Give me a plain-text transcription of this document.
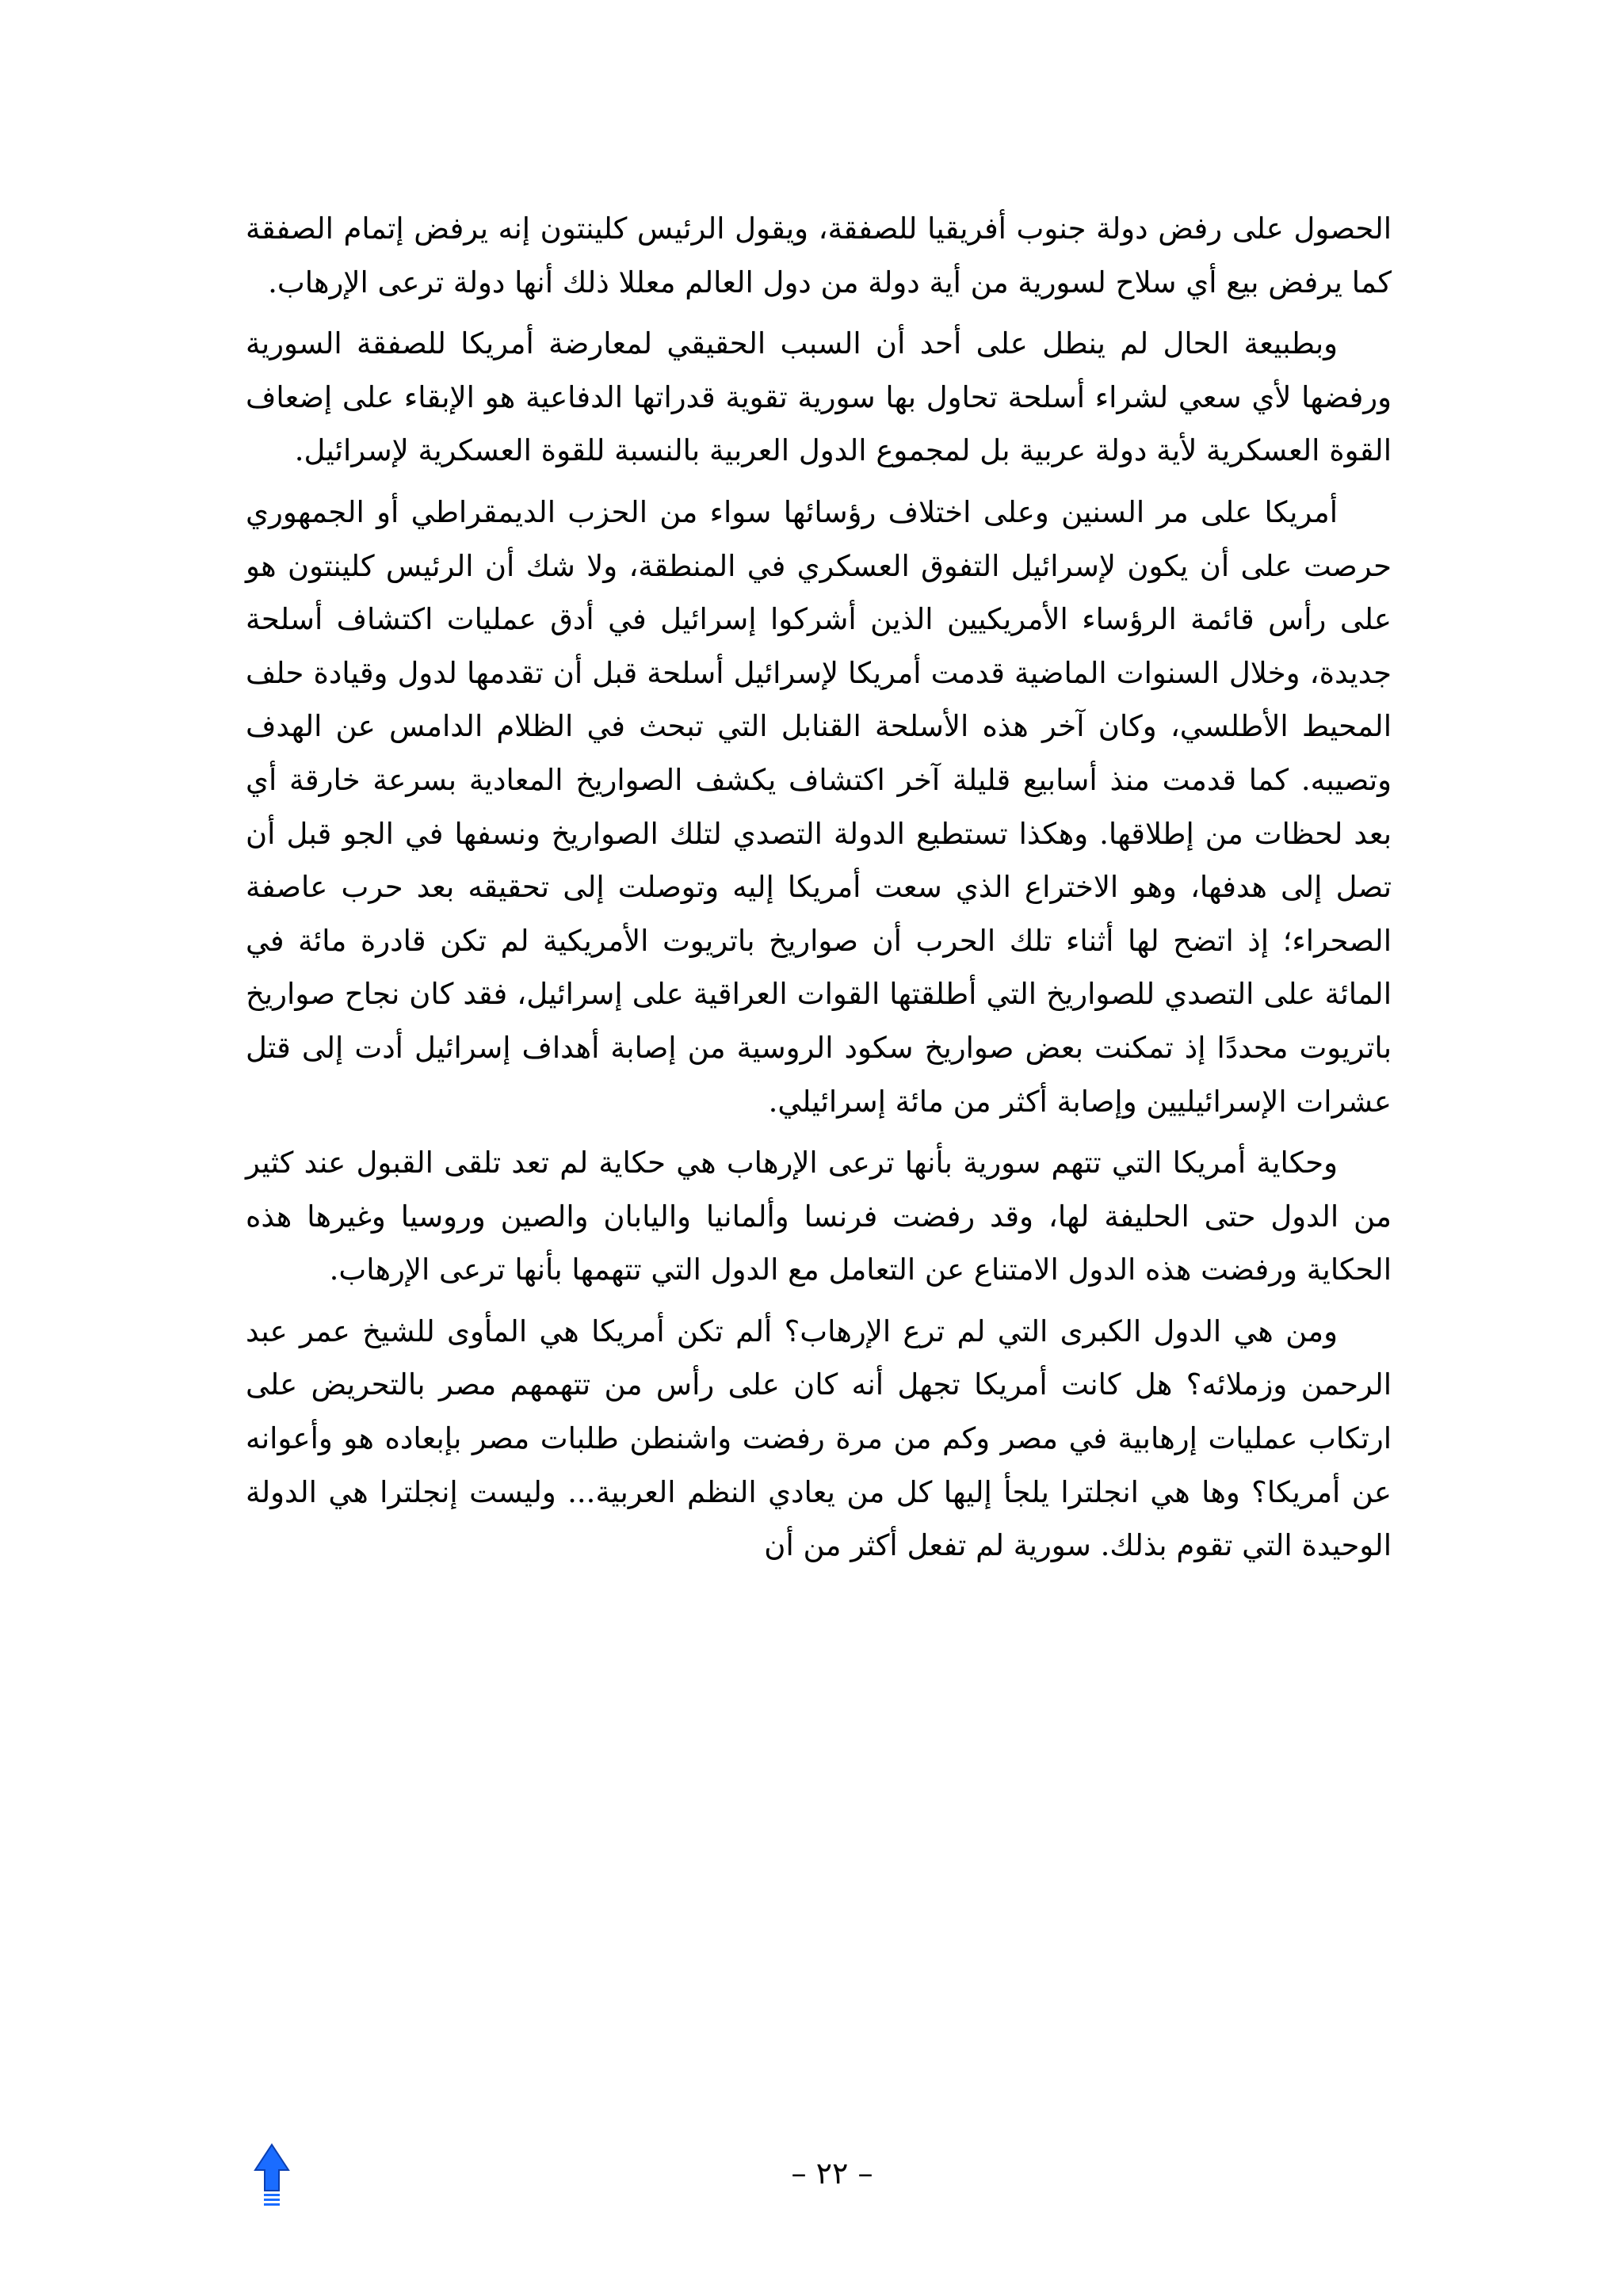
الحصول على رفض دولة جنوب أفريقيا للصفقة، ويقول الرئيس كلينتون إنه يرفض إتمام الصفقة كما يرفض بيع أي سلاح لسورية من أية دولة من دول العالم معللا ذلك أنها دولة ترعى الإرهاب.

وبطبيعة الحال لم ينطل على أحد أن السبب الحقيقي لمعارضة أمريكا للصفقة السورية ورفضها لأي سعي لشراء أسلحة تحاول بها سورية تقوية قدراتها الدفاعية هو الإبقاء على إضعاف القوة العسكرية لأية دولة عربية بل لمجموع الدول العربية بالنسبة للقوة العسكرية لإسرائيل.

أمريكا على مر السنين وعلى اختلاف رؤسائها سواء من الحزب الديمقراطي أو الجمهوري حرصت على أن يكون لإسرائيل التفوق العسكري في المنطقة، ولا شك أن الرئيس كلينتون هو على رأس قائمة الرؤساء الأمريكيين الذين أشركوا إسرائيل في أدق عمليات اكتشاف أسلحة جديدة، وخلال السنوات الماضية قدمت أمريكا لإسرائيل أسلحة قبل أن تقدمها لدول وقيادة حلف المحيط الأطلسي، وكان آخر هذه الأسلحة القنابل التي تبحث في الظلام الدامس عن الهدف وتصيبه. كما قدمت منذ أسابيع قليلة آخر اكتشاف يكشف الصواريخ المعادية بسرعة خارقة أي بعد لحظات من إطلاقها. وهكذا تستطيع الدولة التصدي لتلك الصواريخ ونسفها في الجو قبل أن تصل إلى هدفها، وهو الاختراع الذي سعت أمريكا إليه وتوصلت إلى تحقيقه بعد حرب عاصفة الصحراء؛ إذ اتضح لها أثناء تلك الحرب أن صواريخ باتريوت الأمريكية لم تكن قادرة مائة في المائة على التصدي للصواريخ التي أطلقتها القوات العراقية على إسرائيل، فقد كان نجاح صواريخ باتريوت محددًا إذ تمكنت بعض صواريخ سكود الروسية من إصابة أهداف إسرائيل أدت إلى قتل عشرات الإسرائيليين وإصابة أكثر من مائة إسرائيلي.

وحكاية أمريكا التي تتهم سورية بأنها ترعى الإرهاب هي حكاية لم تعد تلقى القبول عند كثير من الدول حتى الحليفة لها، وقد رفضت فرنسا وألمانيا واليابان والصين وروسيا وغيرها هذه الحكاية ورفضت هذه الدول الامتناع عن التعامل مع الدول التي تتهمها بأنها ترعى الإرهاب.

ومن هي الدول الكبرى التي لم ترع الإرهاب؟ ألم تكن أمريكا هي المأوى للشيخ عمر عبد الرحمن وزملائه؟ هل كانت أمريكا تجهل أنه كان على رأس من تتهمهم مصر بالتحريض على ارتكاب عمليات إرهابية في مصر وكم من مرة رفضت واشنطن طلبات مصر بإبعاده هو وأعوانه عن أمريكا؟ وها هي انجلترا يلجأ إليها كل من يعادي النظم العربية... وليست إنجلترا هي الدولة الوحيدة التي تقوم بذلك. سورية لم تفعل أكثر من أن

– ٢٢ –
